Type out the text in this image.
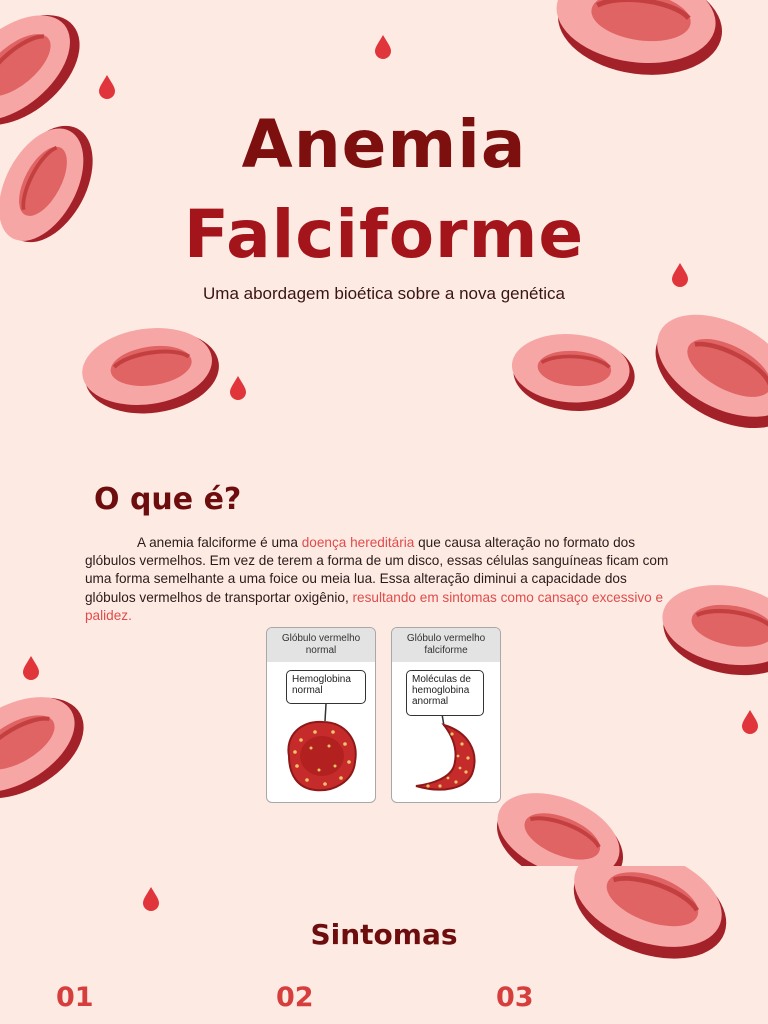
Anemia
Falciforme

Uma abordagem bioética sobre a nova genética

O que é?

A anemia falciforme é uma doença hereditária que causa alteração no formato dos glóbulos vermelhos. Em vez de terem a forma de um disco, essas células sanguíneas ficam com uma forma semelhante a uma foice ou meia lua. Essa alteração diminui a capacidade dos glóbulos vermelhos de transportar oxigênio, resultando em sintomas como cansaço excessivo e palidez.

Glóbulo vermelho normal
Hemoglobina normal
Glóbulo vermelho falciforme
Moléculas de hemoglobina anormal
Sintomas

01	02	03
